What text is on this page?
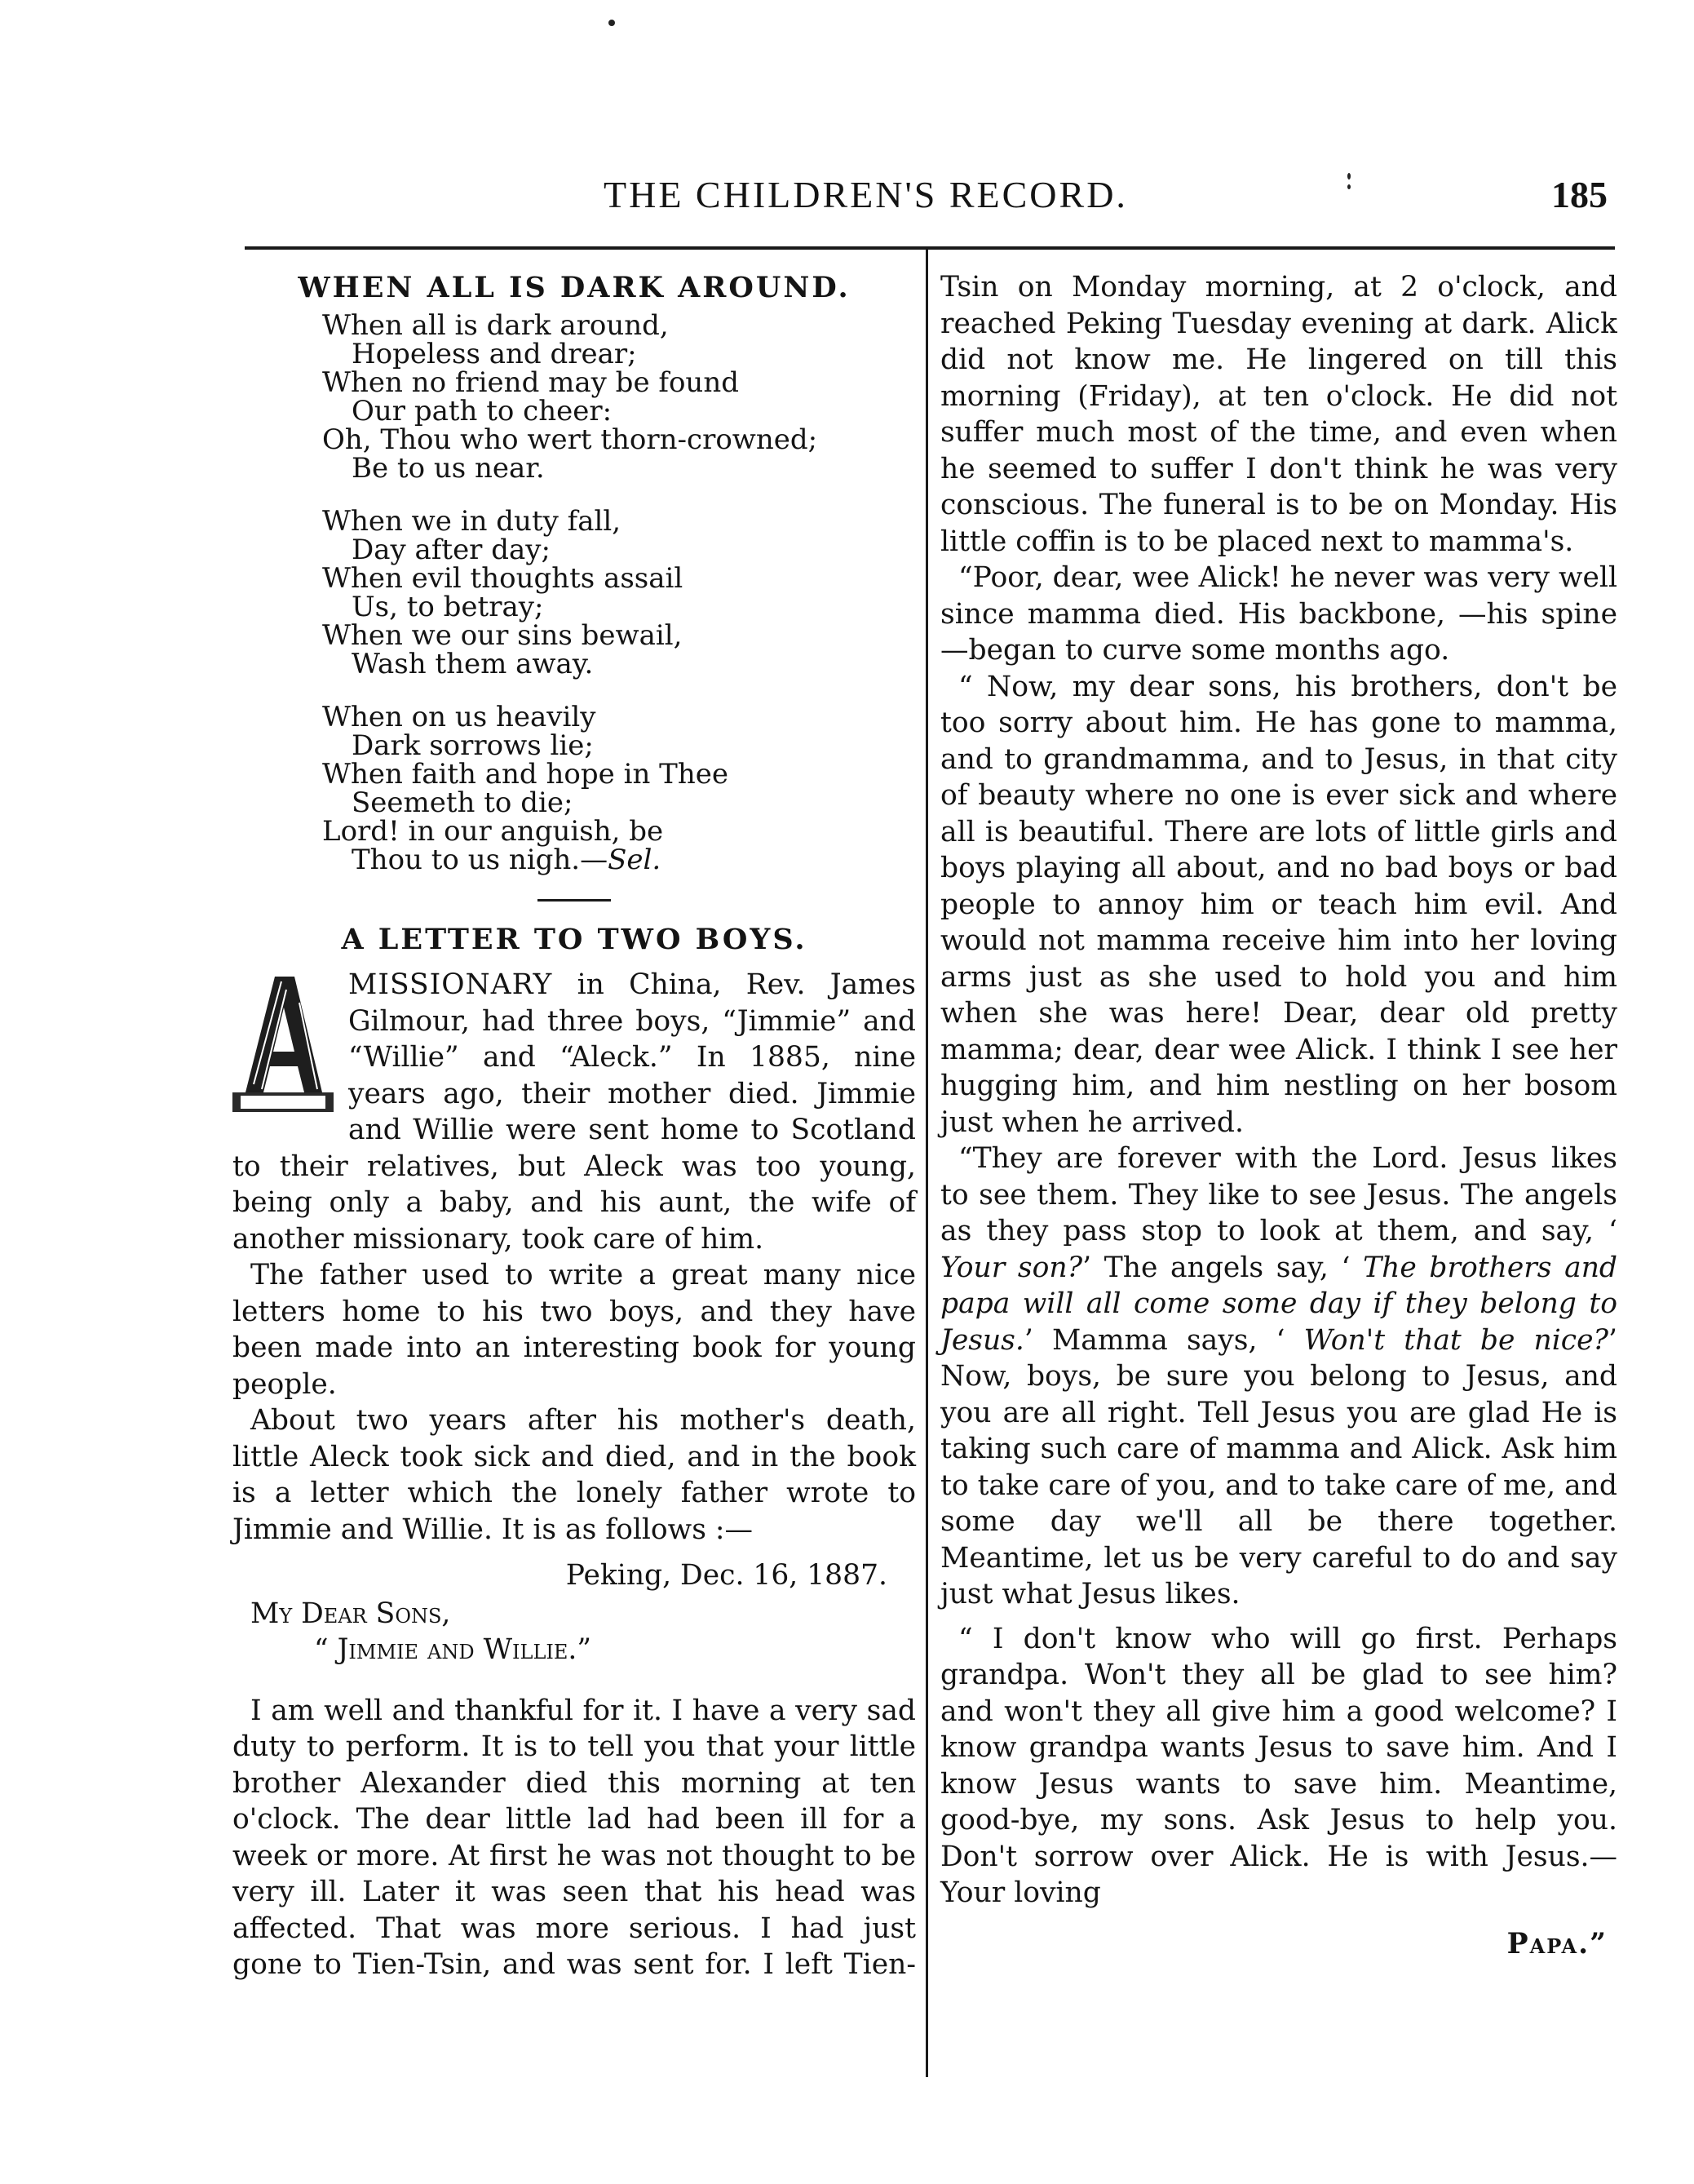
THE CHILDREN'S RECORD.	185
WHEN ALL IS DARK AROUND.
When all is dark around,
Hopeless and drear;
When no friend may be found
Our path to cheer:
Oh, Thou who wert thorn-crowned;
Be to us near.
When we in duty fall,
Day after day;
When evil thoughts assail
Us, to betray;
When we our sins bewail,
Wash them away.
When on us heavily
Dark sorrows lie;
When faith and hope in Thee
Seemeth to die;
Lord! in our anguish, be
Thou to us nigh.—Sel.
A LETTER TO TWO BOYS.

MISSIONARY in China, Rev. James Gilmour, had three boys, “Jimmie” and “Willie” and “Aleck.” In 1885, nine years ago, their mother died. Jimmie and Willie were sent home to Scotland to their relatives, but Aleck was too young, being only a baby, and his aunt, the wife of another missionary, took care of him.

The father used to write a great many nice letters home to his two boys, and they have been made into an interesting book for young people.

About two years after his mother's death, little Aleck took sick and died, and in the book is a letter which the lonely father wrote to Jimmie and Willie. It is as follows :—

Peking, Dec. 16, 1887.
My Dear Sons,
“ Jimmie and Willie.”

I am well and thankful for it. I have a very sad duty to perform. It is to tell you that your little brother Alexander died this morning at ten o'clock. The dear little lad had been ill for a week or more. At first he was not thought to be very ill. Later it was seen that his head was affected. That was more serious. I had just gone to Tien-Tsin, and was sent for. I left Tien-

Tsin on Monday morning, at 2 o'clock, and reached Peking Tuesday evening at dark. Alick did not know me. He lingered on till this morning (Friday), at ten o'clock. He did not suffer much most of the time, and even when he seemed to suffer I don't think he was very conscious. The funeral is to be on Monday. His little coffin is to be placed next to mamma's.

“Poor, dear, wee Alick! he never was very well since mamma died. His backbone, —his spine—began to curve some months ago.

“ Now, my dear sons, his brothers, don't be too sorry about him. He has gone to mamma, and to grandmamma, and to Jesus, in that city of beauty where no one is ever sick and where all is beautiful. There are lots of little girls and boys playing all about, and no bad boys or bad people to annoy him or teach him evil. And would not mamma receive him into her loving arms just as she used to hold you and him when she was here! Dear, dear old pretty mamma; dear, dear wee Alick. I think I see her hugging him, and him nestling on her bosom just when he arrived.

“They are forever with the Lord. Jesus likes to see them. They like to see Jesus. The angels as they pass stop to look at them, and say, ‘ Your son?’ The angels say, ‘ The brothers and papa will all come some day if they belong to Jesus.’ Mamma says, ‘ Won't that be nice?’ Now, boys, be sure you belong to Jesus, and you are all right. Tell Jesus you are glad He is taking such care of mamma and Alick. Ask him to take care of you, and to take care of me, and some day we'll all be there together. Meantime, let us be very careful to do and say just what Jesus likes.

“ I don't know who will go first. Perhaps grandpa. Won't they all be glad to see him? and won't they all give him a good welcome? I know grandpa wants Jesus to save him. And I know Jesus wants to save him. Meantime, good-bye, my sons. Ask Jesus to help you. Don't sorrow over Alick. He is with Jesus.—Your loving

Papa.”
